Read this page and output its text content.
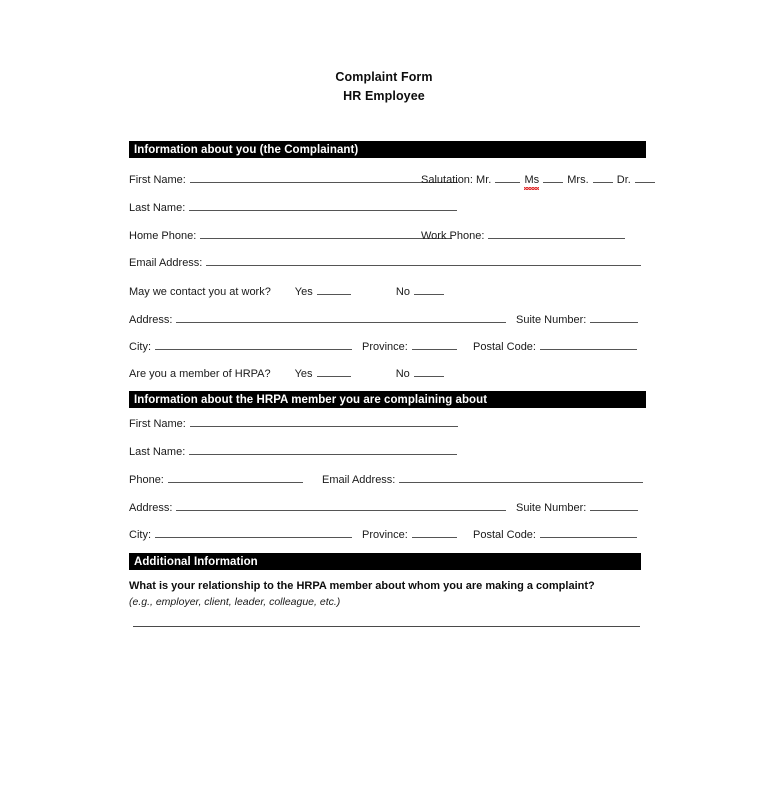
Complaint Form
HR Employee
Information about you (the Complainant)
First Name:	Salutation: Mr.	Ms	Mrs.	Dr.
Last Name:
Home Phone:	Work Phone:
Email Address:
May we contact you at work? Yes	No
Address:	Suite Number:
City:	Province:	Postal Code:
Are you a member of HRPA? Yes	No
Information about the HRPA member you are complaining about
First Name:
Last Name:
Phone:	Email Address:
Address:	Suite Number:
City:	Province:	Postal Code:
Additional Information
What is your relationship to the HRPA member about whom you are making a complaint?
(e.g., employer, client, leader, colleague, etc.)
